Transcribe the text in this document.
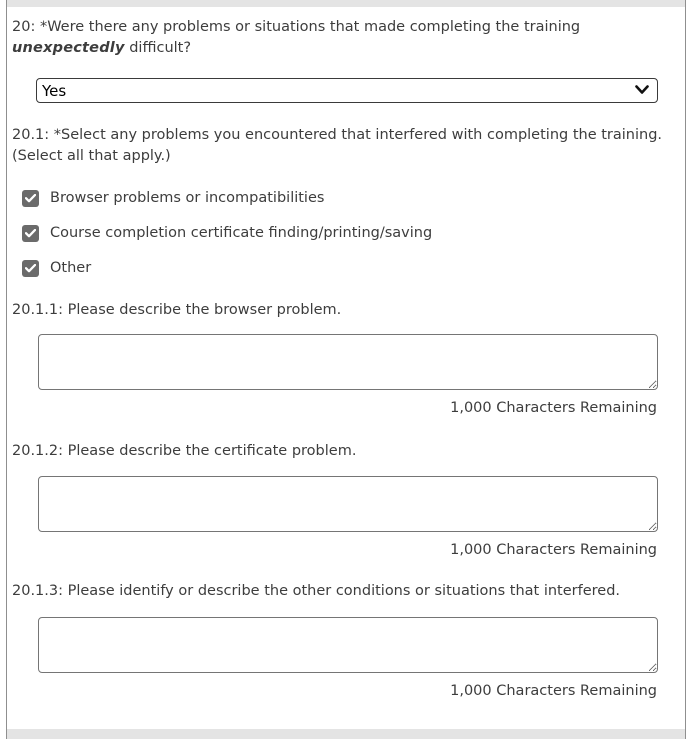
20: *Were there any problems or situations that made completing the training unexpectedly difficult?
Yes
20.1: *Select any problems you encountered that interfered with completing the training. (Select all that apply.)
Browser problems or incompatibilities
Course completion certificate finding/printing/saving
Other
20.1.1: Please describe the browser problem.
1,000 Characters Remaining
20.1.2: Please describe the certificate problem.
1,000 Characters Remaining
20.1.3: Please identify or describe the other conditions or situations that interfered.
1,000 Characters Remaining
